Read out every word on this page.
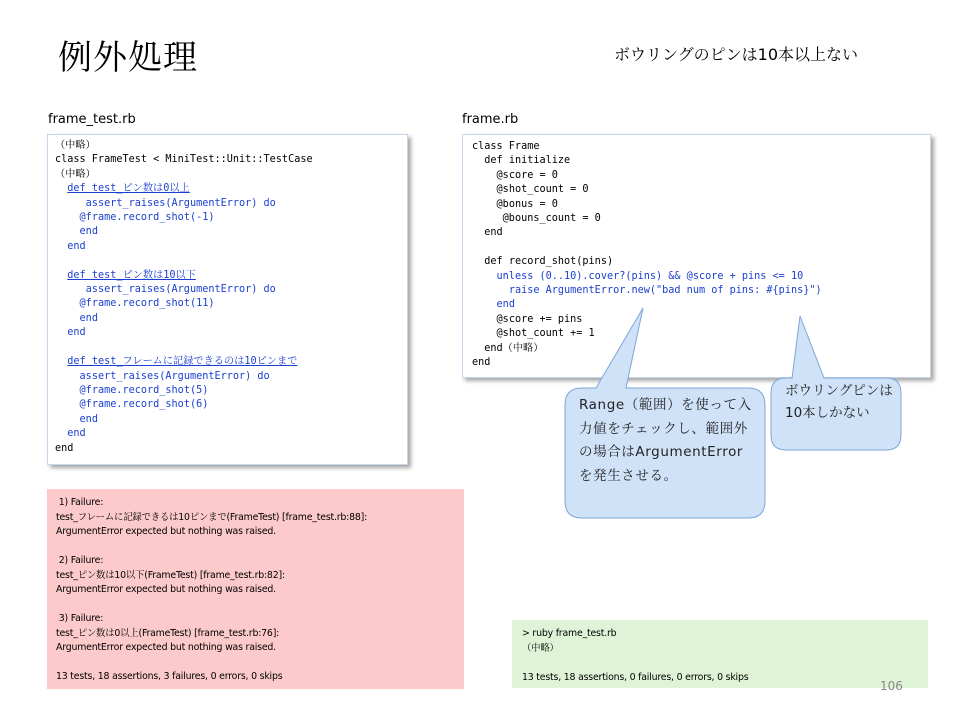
例外処理	ボウリングのピンは10本以上ない
frame_test.rb	frame.rb
（中略）
class FrameTest < MiniTest::Unit::TestCase
（中略）
def test_ピン数は0以上
assert_raises(ArgumentError) do
@frame.record_shot(-1)
end
end

def test_ピン数は10以下
assert_raises(ArgumentError) do
@frame.record_shot(11)
end
end

def test_フレームに記録できるのは10ピンまで
assert_raises(ArgumentError) do
@frame.record_shot(5)
@frame.record_shot(6)
end
end
end

class Frame
def initialize
@score = 0
@shot_count = 0
@bonus = 0
@bouns_count = 0
end

def record_shot(pins)
unless (0..10).cover?(pins) && @score + pins <= 10
raise ArgumentError.new("bad num of pins: #{pins}")
end
@score += pins
@shot_count += 1
end（中略）
end

Range（範囲）を使って入力値をチェックし、範囲外の場合はArgumentErrorを発生させる。
ボウリングピンは10本しかない
1) Failure:
test_フレームに記録できるは10ピンまで(FrameTest) [frame_test.rb:88]:
ArgumentError expected but nothing was raised.

2) Failure:
test_ピン数は10以下(FrameTest) [frame_test.rb:82]:
ArgumentError expected but nothing was raised.

3) Failure:
test_ピン数は0以上(FrameTest) [frame_test.rb:76]:
ArgumentError expected but nothing was raised.

13 tests, 18 assertions, 3 failures, 0 errors, 0 skips
> ruby frame_test.rb
（中略）

13 tests, 18 assertions, 0 failures, 0 errors, 0 skips
106
